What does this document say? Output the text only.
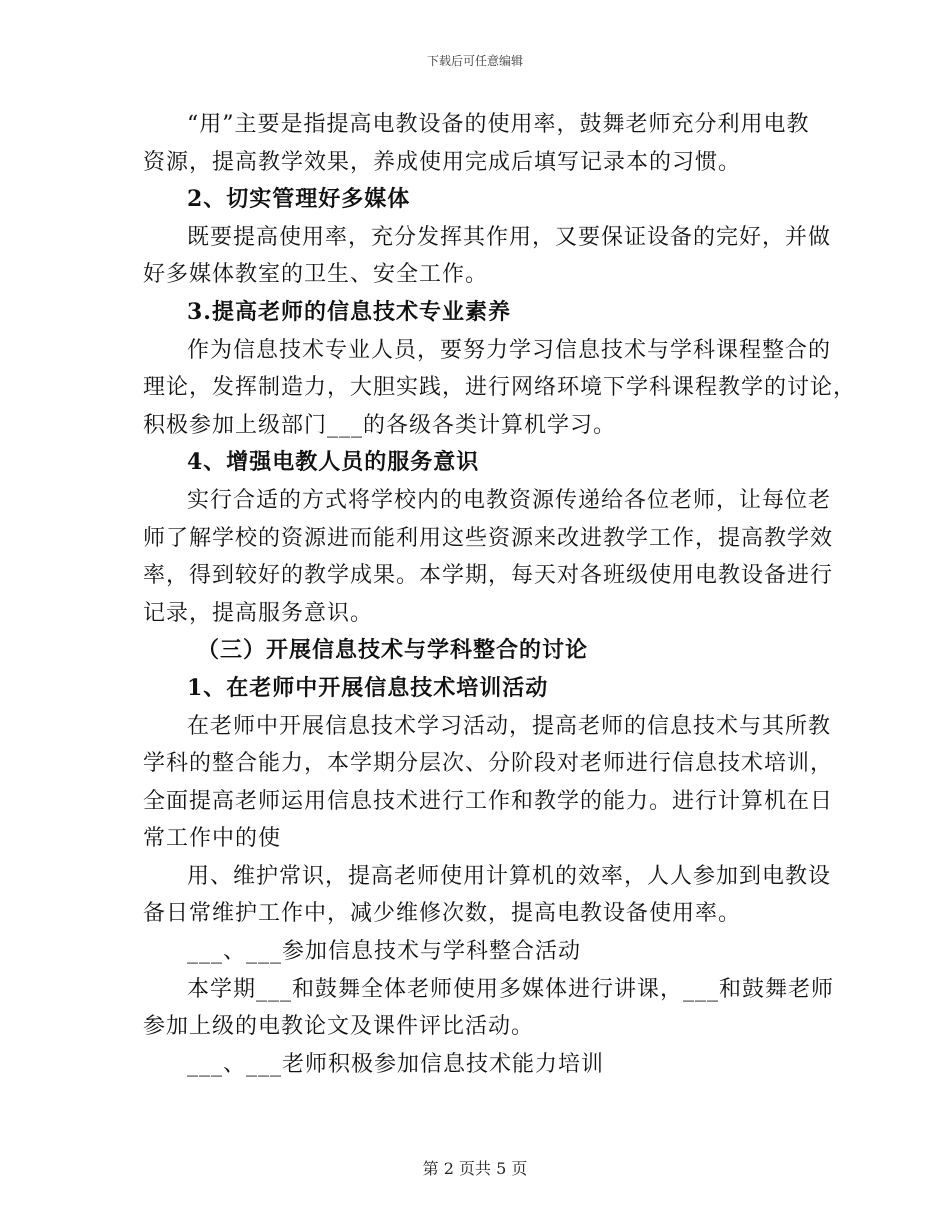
下载后可任意编辑

“用”主要是指提高电教设备的使用率，鼓舞老师充分利用电教

资源，提高教学效果，养成使用完成后填写记录本的习惯。

2、切实管理好多媒体

既要提高使用率，充分发挥其作用，又要保证设备的完好，并做

好多媒体教室的卫生、安全工作。

3.提高老师的信息技术专业素养

作为信息技术专业人员，要努力学习信息技术与学科课程整合的

理论，发挥制造力，大胆实践，进行网络环境下学科课程教学的讨论，

积极参加上级部门___的各级各类计算机学习。

4、增强电教人员的服务意识

实行合适的方式将学校内的电教资源传递给各位老师，让每位老

师了解学校的资源进而能利用这些资源来改进教学工作，提高教学效

率，得到较好的教学成果。本学期，每天对各班级使用电教设备进行

记录，提高服务意识。

（三）开展信息技术与学科整合的讨论

1、在老师中开展信息技术培训活动

在老师中开展信息技术学习活动，提高老师的信息技术与其所教

学科的整合能力，本学期分层次、分阶段对老师进行信息技术培训，

全面提高老师运用信息技术进行工作和教学的能力。进行计算机在日

常工作中的使

用、维护常识，提高老师使用计算机的效率，人人参加到电教设

备日常维护工作中，减少维修次数，提高电教设备使用率。

___、___参加信息技术与学科整合活动

本学期___和鼓舞全体老师使用多媒体进行讲课，___和鼓舞老师

参加上级的电教论文及课件评比活动。

___、___老师积极参加信息技术能力培训

第 2 页共 5 页
